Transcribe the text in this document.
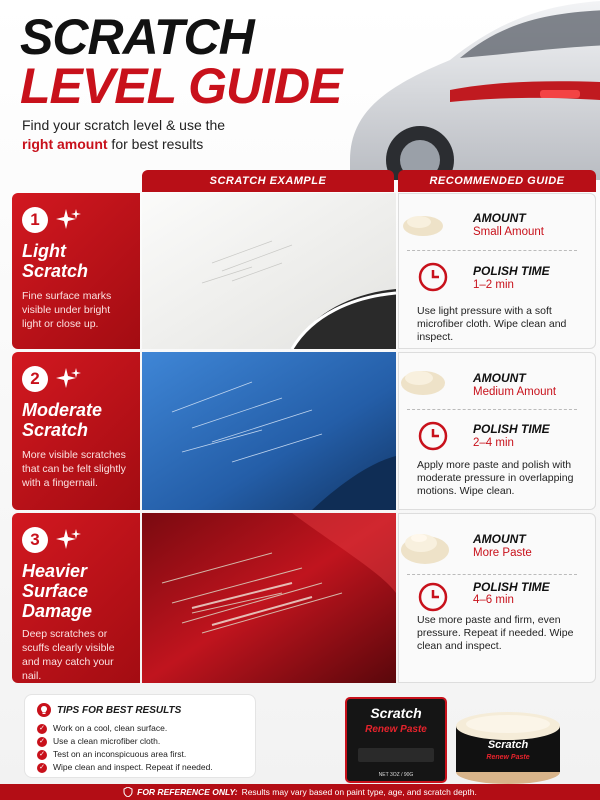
SCRATCH
LEVEL GUIDE
Find your scratch level & use the
right amount for best results
SCRATCH EXAMPLE	RECOMMENDED GUIDE
1
Light
Scratch
Fine surface marks visible under bright light or close up.
AMOUNT
Small Amount
POLISH TIME
1–2 min
Use light pressure with a soft microfiber cloth. Wipe clean and inspect.
2
Moderate
Scratch
More visible scratches that can be felt slightly with a fingernail.
AMOUNT
Medium Amount
POLISH TIME
2–4 min
Apply more paste and polish with moderate pressure in overlapping motions. Wipe clean.
3
Heavier
Surface
Damage
Deep scratches or scuffs clearly visible and may catch your nail.
AMOUNT
More Paste
POLISH TIME
4–6 min
Use more paste and firm, even pressure. Repeat if needed. Wipe clean and inspect.
TIPS FOR BEST RESULTS
✓ Work on a cool, clean surface.
✓ Use a clean microfiber cloth.
✓ Test on an inconspicuous area first.
✓ Wipe clean and inspect. Repeat if needed.
Scratch
Renew Paste
NET 3OZ / 90G
Scratch
Renew Paste
FOR REFERENCE ONLY: Results may vary based on paint type, age, and scratch depth.
